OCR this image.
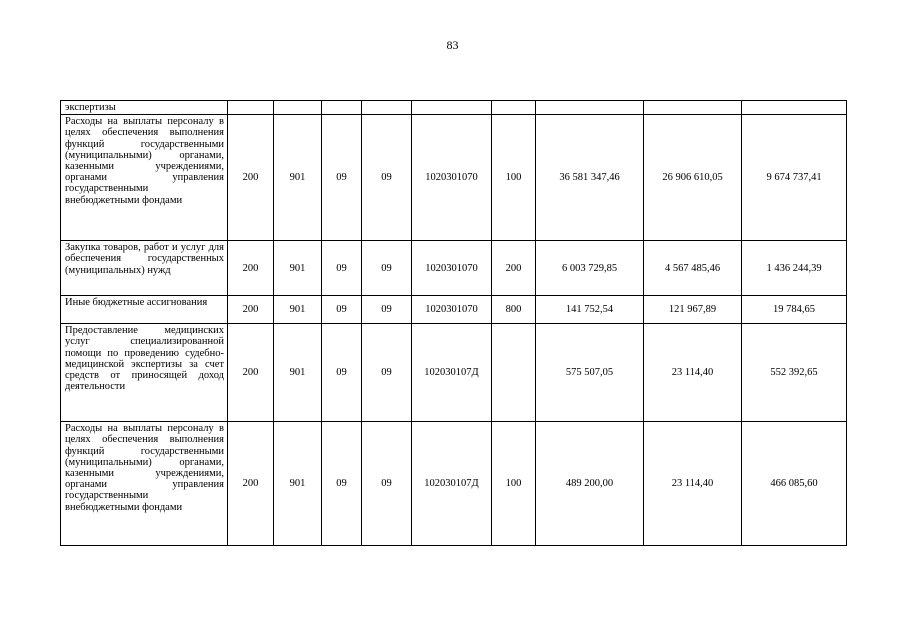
83
экспертизы									
Расходы на выплаты персоналу в целях обеспечения выполнения функций государственными (муниципальными) органами, казенными учреждениями, органами управления государственными внебюджетными фондами	200	901	09	09	1020301070	100	36 581 347,46	26 906 610,05	9 674 737,41
Закупка товаров, работ и услуг для обеспечения государственных (муниципальных) нужд	200	901	09	09	1020301070	200	6 003 729,85	4 567 485,46	1 436 244,39
Иные бюджетные ассигнования	200	901	09	09	1020301070	800	141 752,54	121 967,89	19 784,65
Предоставление медицинских услуг специализированной помощи по проведению судебно-медицинской экспертизы за счет средств от приносящей доход деятельности	200	901	09	09	102030107Д		575 507,05	23 114,40	552 392,65
Расходы на выплаты персоналу в целях обеспечения выполнения функций государственными (муниципальными) органами, казенными учреждениями, органами управления государственными внебюджетными фондами	200	901	09	09	102030107Д	100	489 200,00	23 114,40	466 085,60
